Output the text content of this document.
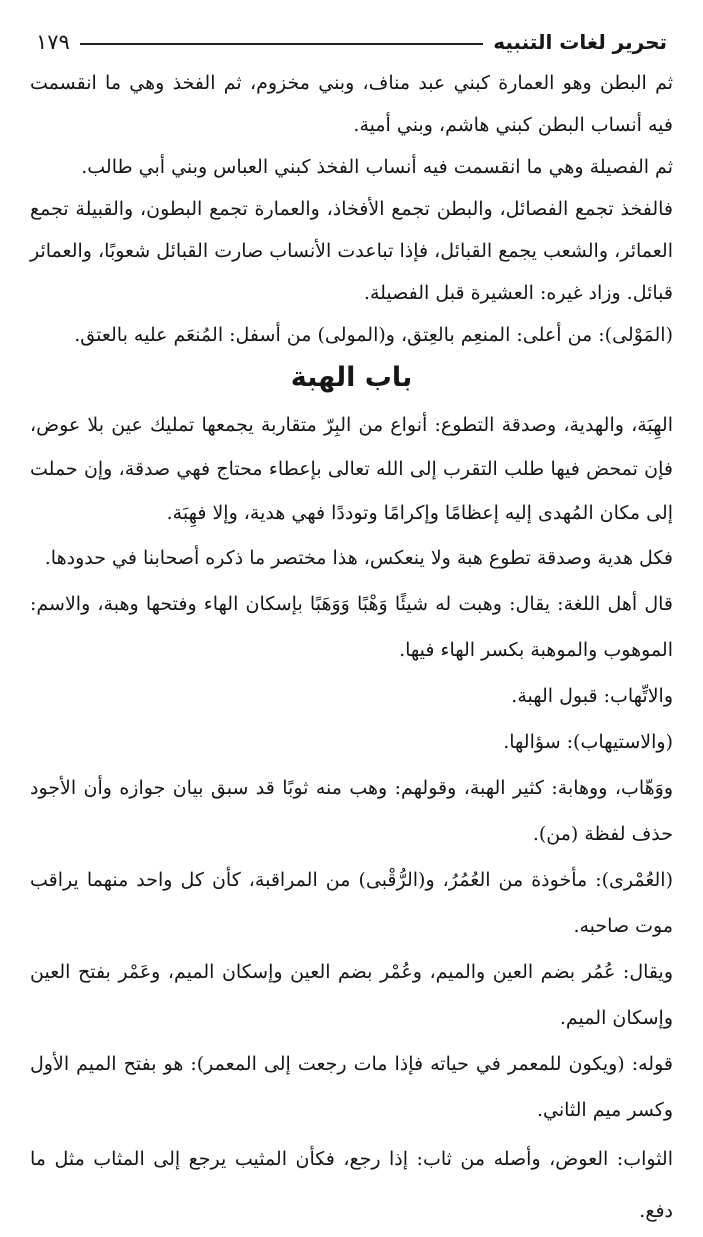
تحرير لغات التنبيه
١٧٩

ثم البطن وهو العمارة كبني عبد مناف، وبني مخزوم، ثم الفخذ وهي ما انقسمت فيه أنساب البطن كبني هاشم، وبني أمية.

ثم الفصيلة وهي ما انقسمت فيه أنساب الفخذ كبني العباس وبني أبي طالب.

فالفخذ تجمع الفصائل، والبطن تجمع الأفخاذ، والعمارة تجمع البطون، والقبيلة تجمع العمائر، والشعب يجمع القبائل، فإذا تباعدت الأنساب صارت القبائل شعوبًا، والعمائر قبائل. وزاد غيره: العشيرة قبل الفصيلة.

(المَوْلى): من أعلى: المنعِم بالعِتق، و(المولى) من أسفل: المُنعَم عليه بالعتق.

باب الهبة

الهِبَة، والهدية، وصدقة التطوع: أنواع من البِرّ متقاربة يجمعها تمليك عين بلا عوض، فإن تمحض فيها طلب التقرب إلى الله تعالى بإعطاء محتاج فهي صدقة، وإن حملت إلى مكان المُهدى إليه إعظامًا وإكرامًا وتوددًا فهي هدية، وإلا فهِبَة.

فكل هدية وصدقة تطوع هبة ولا ينعكس، هذا مختصر ما ذكره أصحابنا في حدودها.

قال أهل اللغة: يقال: وهبت له شيئًا وَهْبًا وَوَهَبًا بإسكان الهاء وفتحها وهبة، والاسم: الموهوب والموهبة بكسر الهاء فيها.

والاتِّهاب: قبول الهبة.

(والاستيهاب): سؤالها.

ووَهّاب، ووهابة: كثير الهبة، وقولهم: وهب منه ثوبًا قد سبق بيان جوازه وأن الأجود حذف لفظة (من).

(العُمْرى): مأخوذة من العُمُرُ، و(الرُّقْبى) من المراقبة، كأن كل واحد منهما يراقب موت صاحبه.

ويقال: عُمُر بضم العين والميم، وعُمْر بضم العين وإسكان الميم، وعَمْر بفتح العين وإسكان الميم.

قوله: (ويكون للمعمر في حياته فإذا مات رجعت إلى المعمر): هو بفتح الميم الأول وكسر ميم الثاني.

الثواب: العوض، وأصله من ثاب: إذا رجع، فكأن المثيب يرجع إلى المثاب مثل ما دفع.
